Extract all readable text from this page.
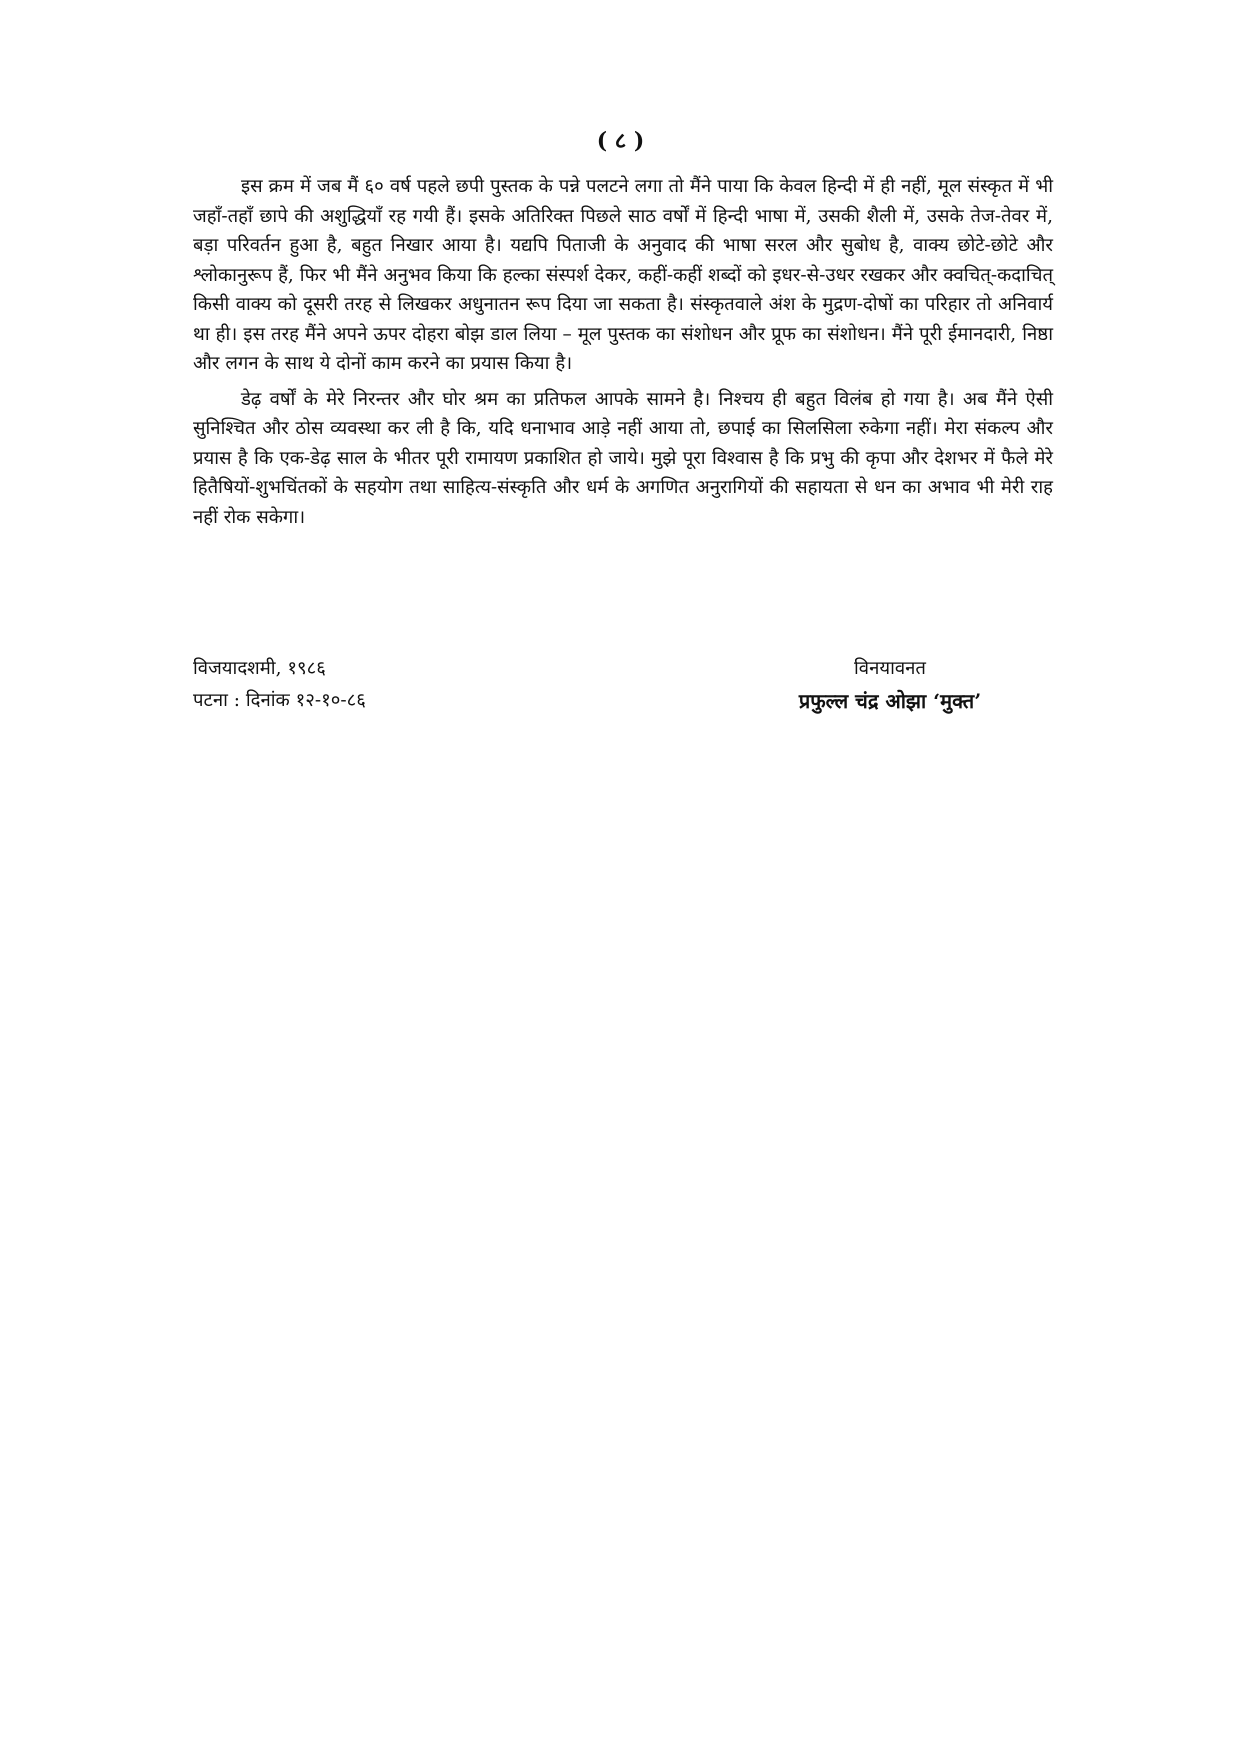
( ८ )

इस क्रम में जब मैं ६० वर्ष पहले छपी पुस्तक के पन्ने पलटने लगा तो मैंने पाया कि केवल हिन्दी में ही नहीं, मूल संस्कृत में भी जहाँ-तहाँ छापे की अशुद्धियाँ रह गयी हैं। इसके अतिरिक्त पिछले साठ वर्षों में हिन्दी भाषा में, उसकी शैली में, उसके तेज-तेवर में, बड़ा परिवर्तन हुआ है, बहुत निखार आया है। यद्यपि पिताजी के अनुवाद की भाषा सरल और सुबोध है, वाक्य छोटे-छोटे और श्लोकानुरूप हैं, फिर भी मैंने अनुभव किया कि हल्का संस्पर्श देकर, कहीं-कहीं शब्दों को इधर-से-उधर रखकर और क्वचित्-कदाचित् किसी वाक्य को दूसरी तरह से लिखकर अधुनातन रूप दिया जा सकता है। संस्कृतवाले अंश के मुद्रण-दोषों का परिहार तो अनिवार्य था ही। इस तरह मैंने अपने ऊपर दोहरा बोझ डाल लिया – मूल पुस्तक का संशोधन और प्रूफ का संशोधन। मैंने पूरी ईमानदारी, निष्ठा और लगन के साथ ये दोनों काम करने का प्रयास किया है।

डेढ़ वर्षों के मेरे निरन्तर और घोर श्रम का प्रतिफल आपके सामने है। निश्चय ही बहुत विलंब हो गया है। अब मैंने ऐसी सुनिश्चित और ठोस व्यवस्था कर ली है कि, यदि धनाभाव आड़े नहीं आया तो, छपाई का सिलसिला रुकेगा नहीं। मेरा संकल्प और प्रयास है कि एक-डेढ़ साल के भीतर पूरी रामायण प्रकाशित हो जाये। मुझे पूरा विश्वास है कि प्रभु की कृपा और देशभर में फैले मेरे हितैषियों-शुभचिंतकों के सहयोग तथा साहित्य-संस्कृति और धर्म के अगणित अनुरागियों की सहायता से धन का अभाव भी मेरी राह नहीं रोक सकेगा।

विजयादशमी, १९८६
पटना : दिनांक १२-१०-८६
विनयावनत
प्रफुल्ल चंद्र ओझा ‘मुक्त’
